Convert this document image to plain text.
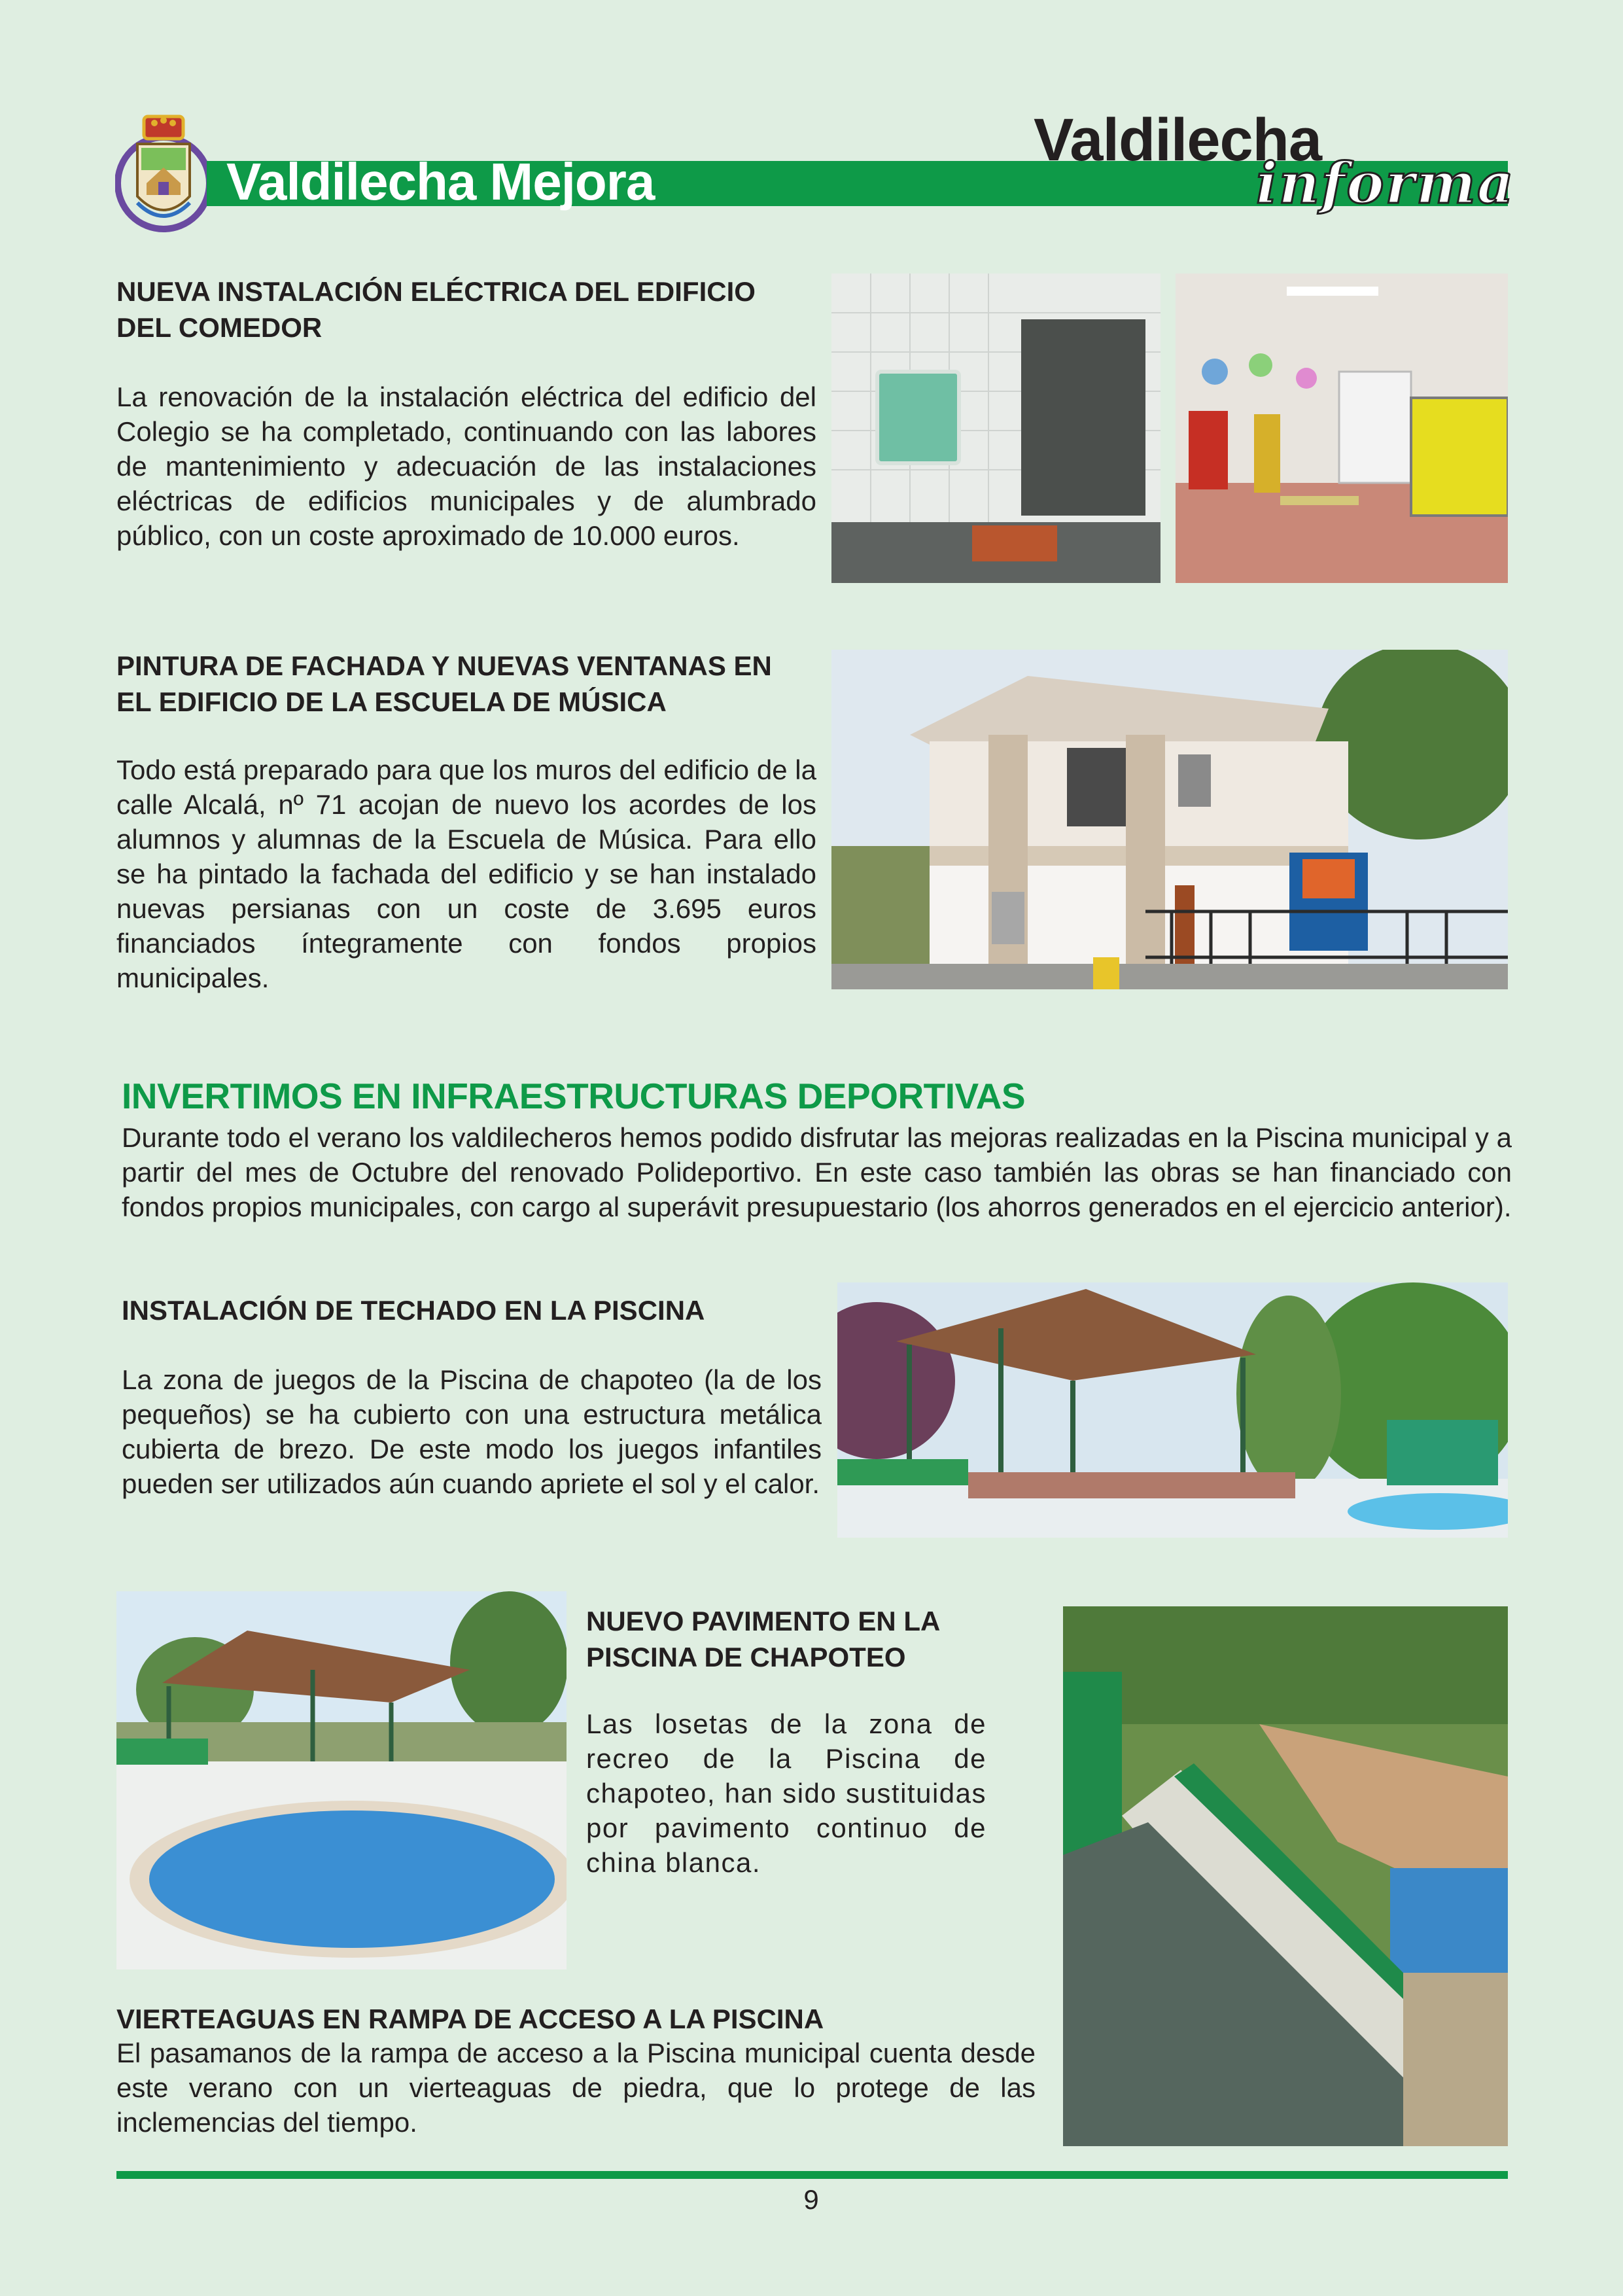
Valdilecha Mejora
Valdilecha
informa
NUEVA INSTALACIÓN ELÉCTRICA DEL EDIFICIO
DEL COMEDOR
La renovación de la instalación eléctrica del edificio del Colegio se ha completado, continuando con las labores de mantenimiento y adecuación de las instalaciones eléctricas de edificios municipales y de alumbrado público, con un coste aproximado de 10.000 euros.
PINTURA DE FACHADA Y NUEVAS VENTANAS EN
EL EDIFICIO DE LA ESCUELA DE MÚSICA
Todo está preparado para que los muros del edificio de la calle Alcalá, nº 71 acojan de nuevo los acordes de los alumnos y alumnas de la Escuela de Música. Para ello se ha pintado la fachada del edificio y se han instalado nuevas persianas con un coste de 3.695 euros financiados íntegramente con fondos propios municipales.
INVERTIMOS EN INFRAESTRUCTURAS DEPORTIVAS
Durante todo el verano los valdilecheros hemos podido disfrutar las mejoras realizadas en la Piscina municipal y a partir del mes de Octubre del renovado Polideportivo. En este caso también las obras se han financiado con fondos propios municipales, con cargo al superávit presupuestario (los ahorros generados en el ejercicio anterior).
INSTALACIÓN DE TECHADO EN LA PISCINA
La zona de juegos de la Piscina de chapoteo (la de los pequeños) se ha cubierto con una estructura metálica cubierta de brezo. De este modo los juegos infantiles pueden ser utilizados aún cuando apriete el sol y el calor.
NUEVO PAVIMENTO EN LA
PISCINA DE CHAPOTEO
Las losetas de la zona de recreo de la Piscina de chapoteo, han sido sustituidas por pavimento continuo de china blanca.
VIERTEAGUAS EN RAMPA DE ACCESO A LA PISCINA
El pasamanos de la rampa de acceso a la Piscina municipal cuenta desde este verano con un vierteaguas de piedra, que lo protege de las inclemencias del tiempo.
9
